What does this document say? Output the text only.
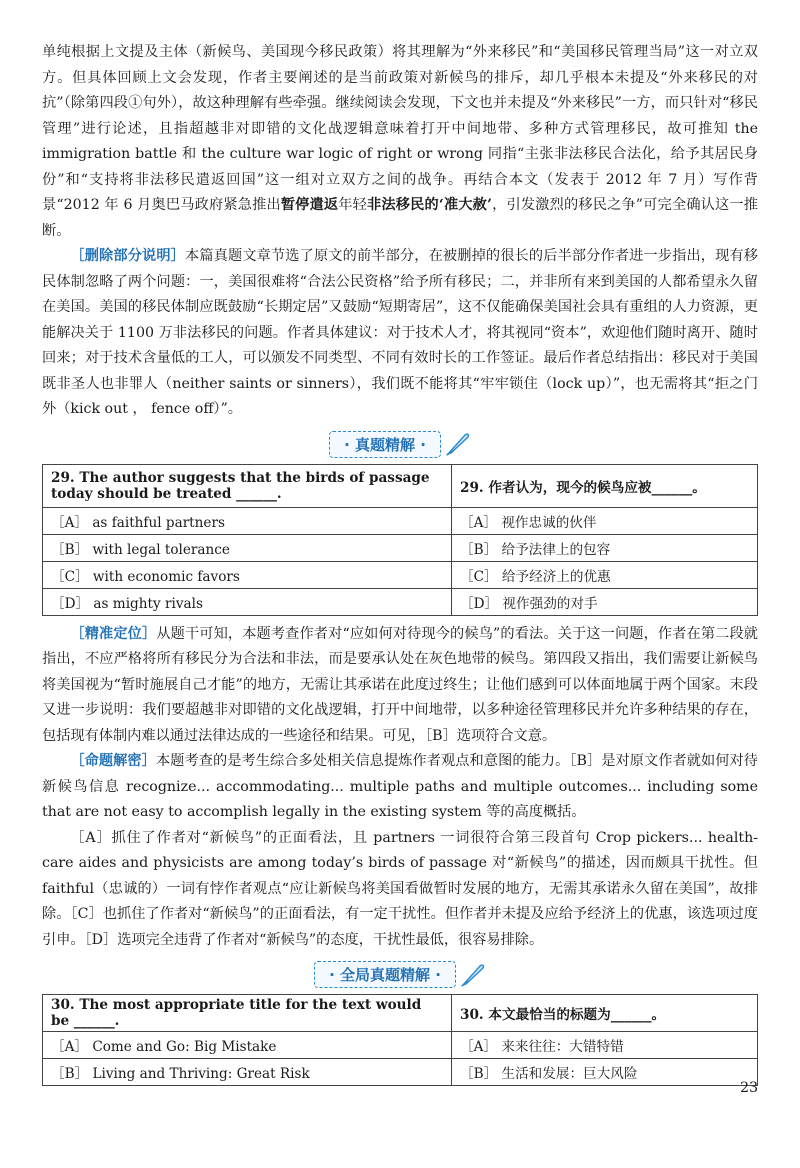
单纯根据上文提及主体（新候鸟、美国现今移民政策）将其理解为“外来移民”和“美国移民管理当局”这一对立双方。但具体回顾上文会发现，作者主要阐述的是当前政策对新候鸟的排斥，却几乎根本未提及“外来移民的对抗”（除第四段①句外），故这种理解有些牵强。继续阅读会发现，下文也并未提及“外来移民”一方，而只针对“移民管理”进行论述，且指超越非对即错的文化战逻辑意味着打开中间地带、多种方式管理移民，故可推知 the immigration battle 和 the culture war logic of right or wrong 同指“主张非法移民合法化，给予其居民身份”和“支持将非法移民遣返回国”这一组对立双方之间的战争。再结合本文（发表于 2012 年 7 月）写作背景“2012 年 6 月奥巴马政府紧急推出暂停遣返年轻非法移民的‘准大赦’，引发激烈的移民之争”可完全确认这一推断。

［删除部分说明］本篇真题文章节选了原文的前半部分，在被删掉的很长的后半部分作者进一步指出，现有移民体制忽略了两个问题：一，美国很难将“合法公民资格”给予所有移民；二，并非所有来到美国的人都希望永久留在美国。美国的移民体制应既鼓励“长期定居”又鼓励“短期寄居”，这不仅能确保美国社会具有重组的人力资源，更能解决关于 1100 万非法移民的问题。作者具体建议：对于技术人才，将其视同“资本”，欢迎他们随时离开、随时回来；对于技术含量低的工人，可以颁发不同类型、不同有效时长的工作签证。最后作者总结指出：移民对于美国既非圣人也非罪人（neither saints or sinners），我们既不能将其“牢牢锁住（lock up）”，也无需将其“拒之门外（kick out ， fence off）”。

· 真题精解 ·
29. The author suggests that the birds of passage today should be treated ______.	29. 作者认为，现今的候鸟应被______。
［A］ as faithful partners	［A］ 视作忠诚的伙伴
［B］ with legal tolerance	［B］ 给予法律上的包容
［C］ with economic favors	［C］ 给予经济上的优惠
［D］ as mighty rivals	［D］ 视作强劲的对手

［精准定位］从题干可知，本题考查作者对“应如何对待现今的候鸟”的看法。关于这一问题，作者在第二段就指出，不应严格将所有移民分为合法和非法，而是要承认处在灰色地带的候鸟。第四段又指出，我们需要让新候鸟将美国视为“暂时施展自己才能”的地方，无需让其承诺在此度过终生；让他们感到可以体面地属于两个国家。末段又进一步说明：我们要超越非对即错的文化战逻辑，打开中间地带，以多种途径管理移民并允许多种结果的存在，包括现有体制内难以通过法律达成的一些途径和结果。可见，［B］选项符合文意。

［命题解密］本题考查的是考生综合多处相关信息提炼作者观点和意图的能力。［B］是对原文作者就如何对待新候鸟信息 recognize... accommodating... multiple paths and multiple outcomes... including some that are not easy to accomplish legally in the existing system 等的高度概括。

［A］抓住了作者对“新候鸟”的正面看法，且 partners 一词很符合第三段首句 Crop pickers... health-care aides and physicists are among today’s birds of passage 对“新候鸟”的描述，因而颇具干扰性。但 faithful（忠诚的）一词有悖作者观点“应让新候鸟将美国看做暂时发展的地方，无需其承诺永久留在美国”，故排除。［C］也抓住了作者对“新候鸟”的正面看法，有一定干扰性。但作者并未提及应给予经济上的优惠，该选项过度引申。［D］选项完全违背了作者对“新候鸟”的态度，干扰性最低，很容易排除。

· 全局真题精解 ·
30. The most appropriate title for the text would be ______.	30. 本文最恰当的标题为______。
［A］ Come and Go: Big Mistake	［A］ 来来往往：大错特错
［B］ Living and Thriving: Great Risk	［B］ 生活和发展：巨大风险
23
